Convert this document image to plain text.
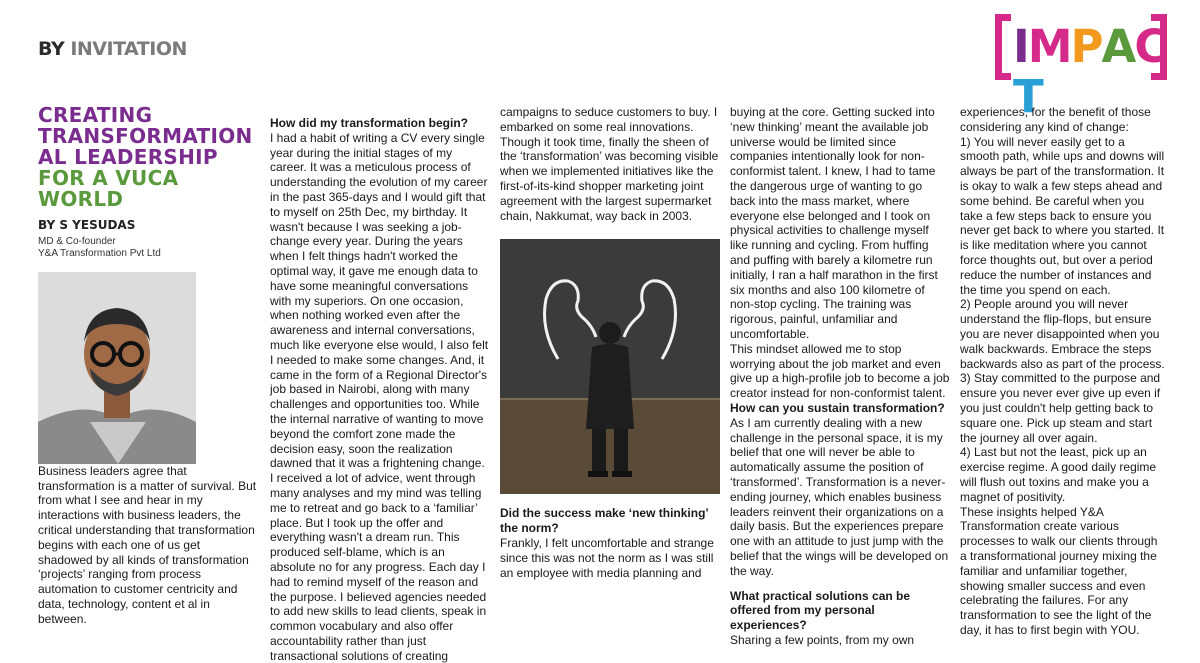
BY INVITATION	IMPACT
CREATING TRANSFORMATION AL LEADERSHIP FOR A VUCA WORLD
BY S YESUDAS
MD & Co-founder
Y&A Transformation Pvt Ltd

Business leaders agree that transformation is a matter of survival. But from what I see and hear in my interactions with business leaders, the critical understanding that transformation begins with each one of us get shadowed by all kinds of transformation ‘projects’ ranging from process automation to customer centricity and data, technology, content et al in between.

How did my transformation begin?

I had a habit of writing a CV every single year during the initial stages of my career. It was a meticulous process of understanding the evolution of my career in the past 365-days and I would gift that to myself on 25th Dec, my birthday. It wasn't because I was seeking a job-change every year. During the years when I felt things hadn't worked the optimal way, it gave me enough data to have some meaningful conversations with my superiors. On one occasion, when nothing worked even after the awareness and internal conversations, much like everyone else would, I also felt I needed to make some changes. And, it came in the form of a Regional Director's job based in Nairobi, along with many challenges and opportunities too. While the internal narrative of wanting to move beyond the comfort zone made the decision easy, soon the realization dawned that it was a frightening change. I received a lot of advice, went through many analyses and my mind was telling me to retreat and go back to a ‘familiar’ place. But I took up the offer and everything wasn't a dream run. This produced self-blame, which is an absolute no for any progress. Each day I had to remind myself of the reason and the purpose. I believed agencies needed to add new skills to lead clients, speak in common vocabulary and also offer accountability rather than just transactional solutions of creating

campaigns to seduce customers to buy. I embarked on some real innovations. Though it took time, finally the sheen of the ‘transformation’ was becoming visible when we implemented initiatives like the first-of-its-kind shopper marketing joint agreement with the largest supermarket chain, Nakkumat, way back in 2003.

Did the success make ‘new thinking’ the norm?

Frankly, I felt uncomfortable and strange since this was not the norm as I was still an employee with media planning and

buying at the core. Getting sucked into ‘new thinking’ meant the available job universe would be limited since companies intentionally look for non-conformist talent. I knew, I had to tame the dangerous urge of wanting to go back into the mass market, where everyone else belonged and I took on physical activities to challenge myself like running and cycling. From huffing and puffing with barely a kilometre run initially, I ran a half marathon in the first six months and also 100 kilometre of non-stop cycling. The training was rigorous, painful, unfamiliar and uncomfortable.

This mindset allowed me to stop worrying about the job market and even give up a high-profile job to become a job creator instead for non-conformist talent.

How can you sustain transformation?

As I am currently dealing with a new challenge in the personal space, it is my belief that one will never be able to automatically assume the position of ‘transformed’. Transformation is a never-ending journey, which enables business leaders reinvent their organizations on a daily basis. But the experiences prepare one with an attitude to just jump with the belief that the wings will be developed on the way.

What practical solutions can be offered from my personal experiences?

Sharing a few points, from my own

experiences, for the benefit of those considering any kind of change:

1) You will never easily get to a smooth path, while ups and downs will always be part of the transformation. It is okay to walk a few steps ahead and some behind. Be careful when you take a few steps back to ensure you never get back to where you started. It is like meditation where you cannot force thoughts out, but over a period reduce the number of instances and the time you spend on each.

2) People around you will never understand the flip-flops, but ensure you are never disappointed when you walk backwards. Embrace the steps backwards also as part of the process.

3) Stay committed to the purpose and ensure you never ever give up even if you just couldn't help getting back to square one. Pick up steam and start the journey all over again.

4) Last but not the least, pick up an exercise regime. A good daily regime will flush out toxins and make you a magnet of positivity.

These insights helped Y&A Transformation create various processes to walk our clients through a transformational journey mixing the familiar and unfamiliar together, showing smaller success and even celebrating the failures. For any transformation to see the light of the day, it has to first begin with YOU.
